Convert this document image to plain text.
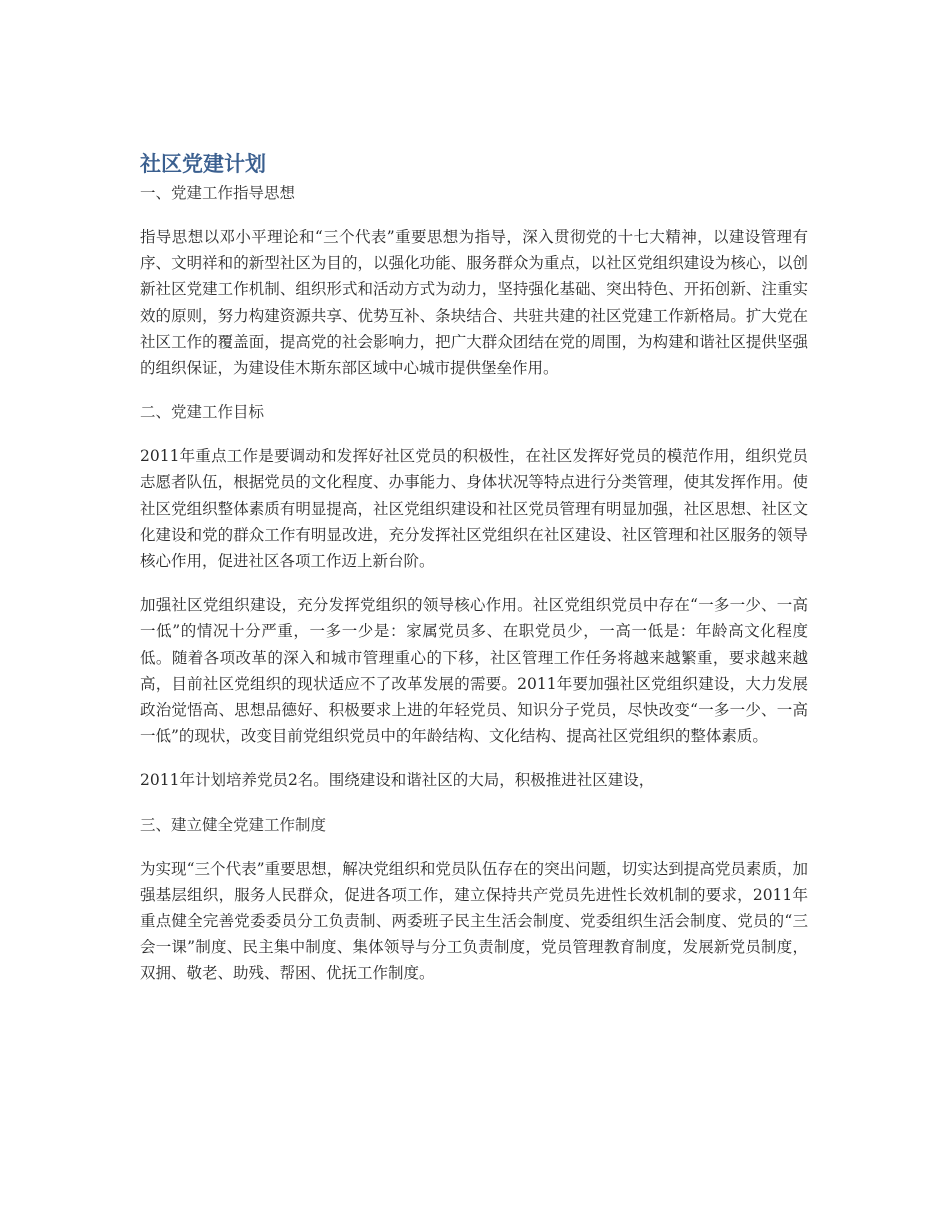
社区党建计划

一、党建工作指导思想

指导思想以邓小平理论和“三个代表”重要思想为指导，深入贯彻党的十七大精神，以建设管理有序、文明祥和的新型社区为目的，以强化功能、服务群众为重点，以社区党组织建设为核心，以创新社区党建工作机制、组织形式和活动方式为动力，坚持强化基础、突出特色、开拓创新、注重实效的原则，努力构建资源共享、优势互补、条块结合、共驻共建的社区党建工作新格局。扩大党在社区工作的覆盖面，提高党的社会影响力，把广大群众团结在党的周围，为构建和谐社区提供坚强的组织保证，为建设佳木斯东部区域中心城市提供堡垒作用。

二、党建工作目标

2011年重点工作是要调动和发挥好社区党员的积极性，在社区发挥好党员的模范作用，组织党员志愿者队伍，根据党员的文化程度、办事能力、身体状况等特点进行分类管理，使其发挥作用。使社区党组织整体素质有明显提高，社区党组织建设和社区党员管理有明显加强，社区思想、社区文化建设和党的群众工作有明显改进，充分发挥社区党组织在社区建设、社区管理和社区服务的领导核心作用，促进社区各项工作迈上新台阶。

加强社区党组织建设，充分发挥党组织的领导核心作用。社区党组织党员中存在“一多一少、一高一低”的情况十分严重，一多一少是：家属党员多、在职党员少，一高一低是：年龄高文化程度低。随着各项改革的深入和城市管理重心的下移，社区管理工作任务将越来越繁重，要求越来越高，目前社区党组织的现状适应不了改革发展的需要。2011年要加强社区党组织建设，大力发展政治觉悟高、思想品德好、积极要求上进的年轻党员、知识分子党员，尽快改变“一多一少、一高一低”的现状，改变目前党组织党员中的年龄结构、文化结构、提高社区党组织的整体素质。

2011年计划培养党员2名。围绕建设和谐社区的大局，积极推进社区建设，

三、建立健全党建工作制度

为实现“三个代表”重要思想，解决党组织和党员队伍存在的突出问题，切实达到提高党员素质，加强基层组织，服务人民群众，促进各项工作，建立保持共产党员先进性长效机制的要求，2011年重点健全完善党委委员分工负责制、两委班子民主生活会制度、党委组织生活会制度、党员的“三会一课”制度、民主集中制度、集体领导与分工负责制度，党员管理教育制度，发展新党员制度，双拥、敬老、助残、帮困、优抚工作制度。
